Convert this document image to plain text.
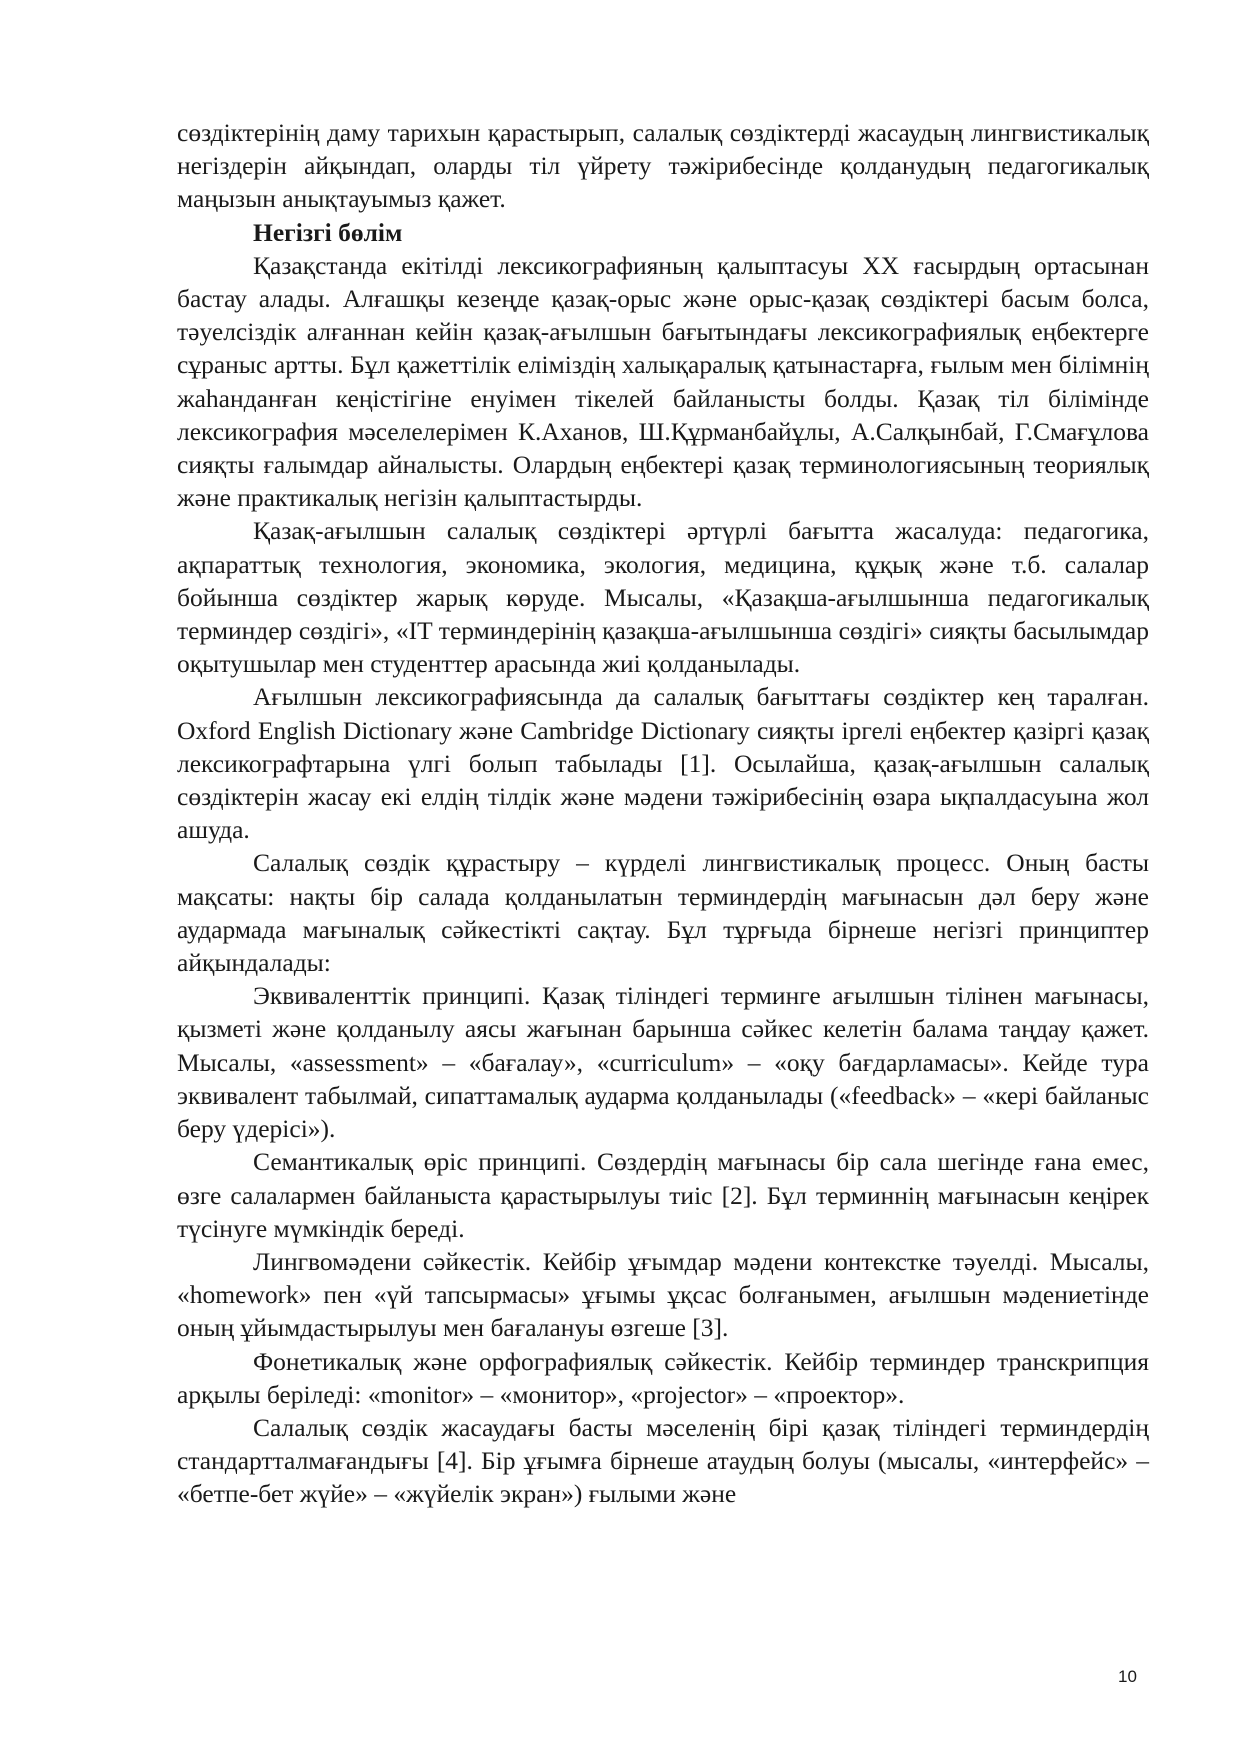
сөздіктерінің даму тарихын қарастырып, салалық сөздіктерді жасаудың лингвистикалық негіздерін айқындап, оларды тіл үйрету тәжірибесінде қолданудың педагогикалық маңызын анықтауымыз қажет.

Негізгі бөлім

Қазақстанда екітілді лексикографияның қалыптасуы XX ғасырдың ортасынан бастау алады. Алғашқы кезеңде қазақ-орыс және орыс-қазақ сөздіктері басым болса, тәуелсіздік алғаннан кейін қазақ-ағылшын бағытындағы лексикографиялық еңбектерге сұраныс артты. Бұл қажеттілік еліміздің халықаралық қатынастарға, ғылым мен білімнің жаһанданған кеңістігіне енуімен тікелей байланысты болды. Қазақ тіл білімінде лексикография мәселелерімен К.Аханов, Ш.Құрманбайұлы, А.Салқынбай, Г.Смағұлова сияқты ғалымдар айналысты. Олардың еңбектері қазақ терминологиясының теориялық және практикалық негізін қалыптастырды.

Қазақ-ағылшын салалық сөздіктері әртүрлі бағытта жасалуда: педагогика, ақпараттық технология, экономика, экология, медицина, құқық және т.б. салалар бойынша сөздіктер жарық көруде. Мысалы, «Қазақша-ағылшынша педагогикалық терминдер сөздігі», «IT терминдерінің қазақша-ағылшынша сөздігі» сияқты басылымдар оқытушылар мен студенттер арасында жиі қолданылады.

Ағылшын лексикографиясында да салалық бағыттағы сөздіктер кең таралған. Oxford English Dictionary және Cambridge Dictionary сияқты іргелі еңбектер қазіргі қазақ лексикографтарына үлгі болып табылады [1]. Осылайша, қазақ-ағылшын салалық сөздіктерін жасау екі елдің тілдік және мәдени тәжірибесінің өзара ықпалдасуына жол ашуда.

Салалық сөздік құрастыру – күрделі лингвистикалық процесс. Оның басты мақсаты: нақты бір салада қолданылатын терминдердің мағынасын дәл беру және аудармада мағыналық сәйкестікті сақтау. Бұл тұрғыда бірнеше негізгі принциптер айқындалады:

Эквиваленттік принципі. Қазақ тіліндегі терминге ағылшын тілінен мағынасы, қызметі және қолданылу аясы жағынан барынша сәйкес келетін балама таңдау қажет. Мысалы, «assessment» – «бағалау», «curriculum» – «оқу бағдарламасы». Кейде тура эквивалент табылмай, сипаттамалық аударма қолданылады («feedback» – «кері байланыс беру үдерісі»).

Семантикалық өріс принципі. Сөздердің мағынасы бір сала шегінде ғана емес, өзге салалармен байланыста қарастырылуы тиіс [2]. Бұл терминнің мағынасын кеңірек түсінуге мүмкіндік береді.

Лингвомәдени сәйкестік. Кейбір ұғымдар мәдени контекстке тәуелді. Мысалы, «homework» пен «үй тапсырмасы» ұғымы ұқсас болғанымен, ағылшын мәдениетінде оның ұйымдастырылуы мен бағалануы өзгеше [3].

Фонетикалық және орфографиялық сәйкестік. Кейбір терминдер транскрипция арқылы беріледі: «monitor» – «монитор», «projector» – «проектор».

Салалық сөздік жасаудағы басты мәселенің бірі қазақ тіліндегі терминдердің стандартталмағандығы [4]. Бір ұғымға бірнеше атаудың болуы (мысалы, «интерфейс» – «бетпе-бет жүйе» – «жүйелік экран») ғылыми және

10
